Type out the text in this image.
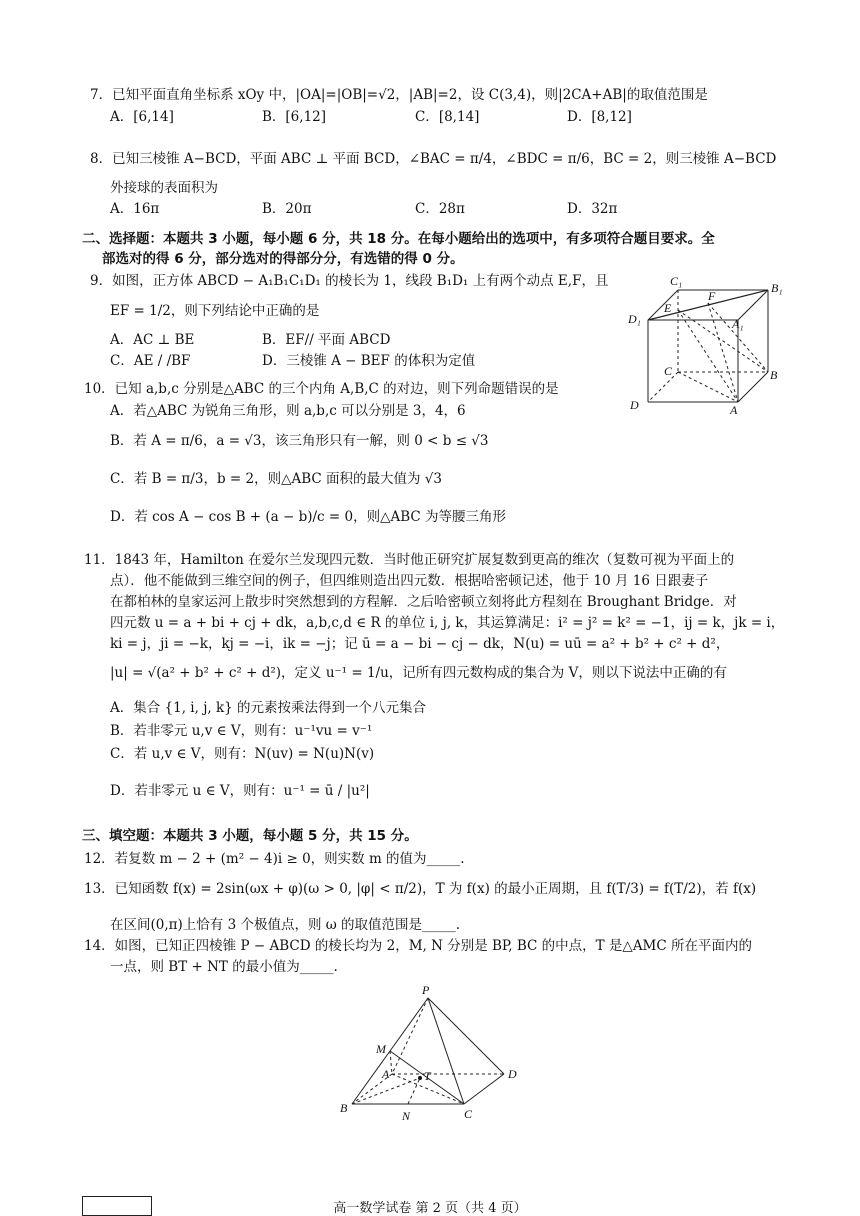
7．已知平面直角坐标系 xOy 中，|OA|=|OB|=√2，|AB|=2，设 C(3,4)，则|2CA+AB|的取值范围是
A．[6,14]	B．[6,12]	C．[8,14]	D．[8,12]
8．已知三棱锥 A−BCD，平面 ABC ⊥ 平面 BCD，∠BAC = π/4，∠BDC = π/6，BC = 2，则三棱锥 A−BCD
外接球的表面积为
A．16π	B．20π	C．28π	D．32π
二、选择题：本题共 3 小题，每小题 6 分，共 18 分。在每小题给出的选项中，有多项符合题目要求。全
部选对的得 6 分，部分选对的得部分分，有选错的得 0 分。
9．如图，正方体 ABCD − A₁B₁C₁D₁ 的棱长为 1，线段 B₁D₁ 上有两个动点 E,F，且
EF = 1/2，则下列结论中正确的是
A．AC ⊥ BE	B．EF// 平面 ABCD
C．AE / /BF	D．三棱锥 A − BEF 的体积为定值
C₁	B₁
D₁	A₁
E
F
C
D
B
A
10．已知 a,b,c 分别是△ABC 的三个内角 A,B,C 的对边，则下列命题错误的是
A．若△ABC 为锐角三角形，则 a,b,c 可以分别是 3，4，6
B．若 A = π/6，a = √3，该三角形只有一解，则 0 < b ≤ √3
C．若 B = π/3，b = 2，则△ABC 面积的最大值为 √3
D．若 cos A − cos B + (a − b)/c = 0，则△ABC 为等腰三角形
11．1843 年，Hamilton 在爱尔兰发现四元数．当时他正研究扩展复数到更高的维次（复数可视为平面上的
点）．他不能做到三维空间的例子，但四维则造出四元数．根据哈密顿记述，他于 10 月 16 日跟妻子
在都柏林的皇家运河上散步时突然想到的方程解．之后哈密顿立刻将此方程刻在 Broughant Bridge．对
四元数 u = a + bi + cj + dk，a,b,c,d ∈ R 的单位 i, j, k，其运算满足：i² = j² = k² = −1，ij = k，jk = i，
ki = j，ji = −k，kj = −i，ik = −j；记 ū = a − bi − cj − dk，N(u) = uū = a² + b² + c² + d²，
|u| = √(a² + b² + c² + d²)，定义 u⁻¹ = 1/u，记所有四元数构成的集合为 V，则以下说法中正确的有
A．集合 {1, i, j, k} 的元素按乘法得到一个八元集合
B．若非零元 u,v ∈ V，则有：u⁻¹vu = v⁻¹
C．若 u,v ∈ V，则有：N(uv) = N(u)N(v)
D．若非零元 u ∈ V，则有：u⁻¹ = ū / |u²|
三、填空题：本题共 3 小题，每小题 5 分，共 15 分。
12．若复数 m − 2 + (m² − 4)i ≥ 0，则实数 m 的值为_____.
13．已知函数 f(x) = 2sin(ωx + φ)(ω > 0, |φ| < π/2)，T 为 f(x) 的最小正周期，且 f(T/3) = f(T/2)，若 f(x)
在区间(0,π)上恰有 3 个极值点，则 ω 的取值范围是_____.
14．如图，已知正四棱锥 P − ABCD 的棱长均为 2，M, N 分别是 BP, BC 的中点，T 是△AMC 所在平面内的
一点，则 BT + NT 的最小值为_____.
P
M
A	T	D
B
N	C
高一数学试卷 第 2 页（共 4 页）
